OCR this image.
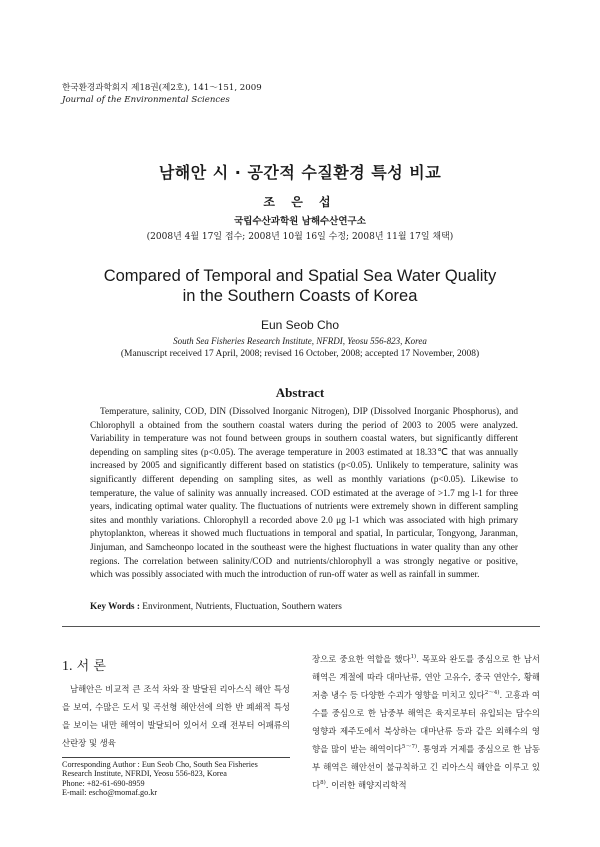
한국환경과학회지 제18권(제2호), 141～151, 2009
Journal of the Environmental Sciences
남해안 시 · 공간적 수질환경 특성 비교
조 은 섭
국립수산과학원 남해수산연구소
(2008년 4월 17일 접수; 2008년 10월 16일 수정; 2008년 11월 17일 채택)
Compared of Temporal and Spatial Sea Water Quality
in the Southern Coasts of Korea
Eun Seob Cho
South Sea Fisheries Research Institute, NFRDI, Yeosu 556-823, Korea
(Manuscript received 17 April, 2008; revised 16 October, 2008; accepted 17 November, 2008)
Abstract

Temperature, salinity, COD, DIN (Dissolved Inorganic Nitrogen), DIP (Dissolved Inorganic Phosphorus), and Chlorophyll a obtained from the southern coastal waters during the period of 2003 to 2005 were analyzed. Variability in temperature was not found between groups in southern coastal waters, but significantly different depending on sampling sites (p<0.05). The average temperature in 2003 estimated at 18.33℃ that was annually increased by 2005 and significantly different based on statistics (p<0.05). Unlikely to temperature, salinity was significantly different depending on sampling sites, as well as monthly variations (p<0.05). Likewise to temperature, the value of salinity was annually increased. COD estimated at the average of >1.7 mg l-1 for three years, indicating optimal water quality. The fluctuations of nutrients were extremely shown in different sampling sites and monthly variations. Chlorophyll a recorded above 2.0 μg l-1 which was associated with high primary phytoplankton, whereas it showed much fluctuations in temporal and spatial, In particular, Tongyong, Jaranman, Jinjuman, and Samcheonpo located in the southeast were the highest fluctuations in water quality than any other regions. The correlation between salinity/COD and nutrients/chlorophyll a was strongly negative or positive, which was possibly associated with much the introduction of run-off water as well as rainfall in summer.

Key Words : Environment, Nutrients, Fluctuation, Southern waters
1. 서 론

남해안은 비교적 큰 조석 차와 잘 발달된 리아스식 해안 특성을 보여, 수많은 도서 및 곡선형 해안선에 의한 반 폐쇄적 특성을 보이는 내만 해역이 발달되어 있어서 오래 전부터 어패류의 산란장 및 생육

장으로 중요한 역할을 했다$^{1)}$. 목포와 완도를 중심으로 한 남서해역은 계절에 따라 대마난류, 연안 고유수, 중국 연안수, 황해저층 냉수 등 다양한 수괴가 영향을 미치고 있다$^{2\sim 4)}$. 고흥과 여수를 중심으로 한 남중부 해역은 육지로부터 유입되는 담수의 영향과 제주도에서 북상하는 대마난류 등과 같은 외해수의 영향을 많이 받는 해역이다$^{5\sim 7)}$. 통영과 거제를 중심으로 한 남동부 해역은 해안선이 불규칙하고 긴 리아스식 해안을 이루고 있다$^{8)}$. 이러한 해양지리학적

Corresponding Author : Eun Seob Cho, South Sea Fisheries
Research Institute, NFRDI, Yeosu 556-823, Korea
Phone: +82-61-690-8959
E-mail: escho@momaf.go.kr
